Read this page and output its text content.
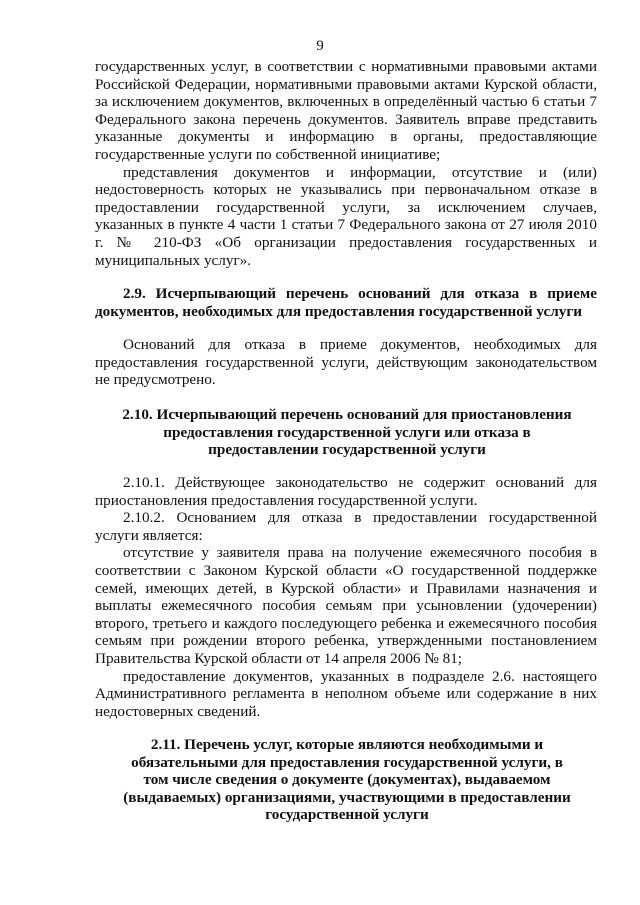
9

государственных услуг, в соответствии с нормативными правовыми актами Российской Федерации, нормативными правовыми актами Курской области, за исключением документов, включенных в определённый частью 6 статьи 7 Федерального закона перечень документов. Заявитель вправе представить указанные документы и информацию в органы, предоставляющие государственные услуги по собственной инициативе;

представления документов и информации, отсутствие и (или) недостоверность которых не указывались при первоначальном отказе в предоставлении государственной услуги, за исключением случаев, указанных в пункте 4 части 1 статьи 7 Федерального закона от 27 июля 2010 г. № 210-ФЗ «Об организации предоставления государственных и муниципальных услуг».

2.9. Исчерпывающий перечень оснований для отказа в приеме документов, необходимых для предоставления государственной услуги

Оснований для отказа в приеме документов, необходимых для предоставления государственной услуги, действующим законодательством не предусмотрено.

2.10. Исчерпывающий перечень оснований для приостановления предоставления государственной услуги или отказа в предоставлении государственной услуги

2.10.1. Действующее законодательство не содержит оснований для приостановления предоставления государственной услуги.

2.10.2. Основанием для отказа в предоставлении государственной услуги является:

отсутствие у заявителя права на получение ежемесячного пособия в соответствии с Законом Курской области «О государственной поддержке семей, имеющих детей, в Курской области» и Правилами назначения и выплаты ежемесячного пособия семьям при усыновлении (удочерении) второго, третьего и каждого последующего ребенка и ежемесячного пособия семьям при рождении второго ребенка, утвержденными постановлением Правительства Курской области от 14 апреля 2006 № 81;

предоставление документов, указанных в подразделе 2.6. настоящего Административного регламента в неполном объеме или содержание в них недостоверных сведений.

2.11. Перечень услуг, которые являются необходимыми и обязательными для предоставления государственной услуги, в том числе сведения о документе (документах), выдаваемом (выдаваемых) организациями, участвующими в предоставлении государственной услуги
